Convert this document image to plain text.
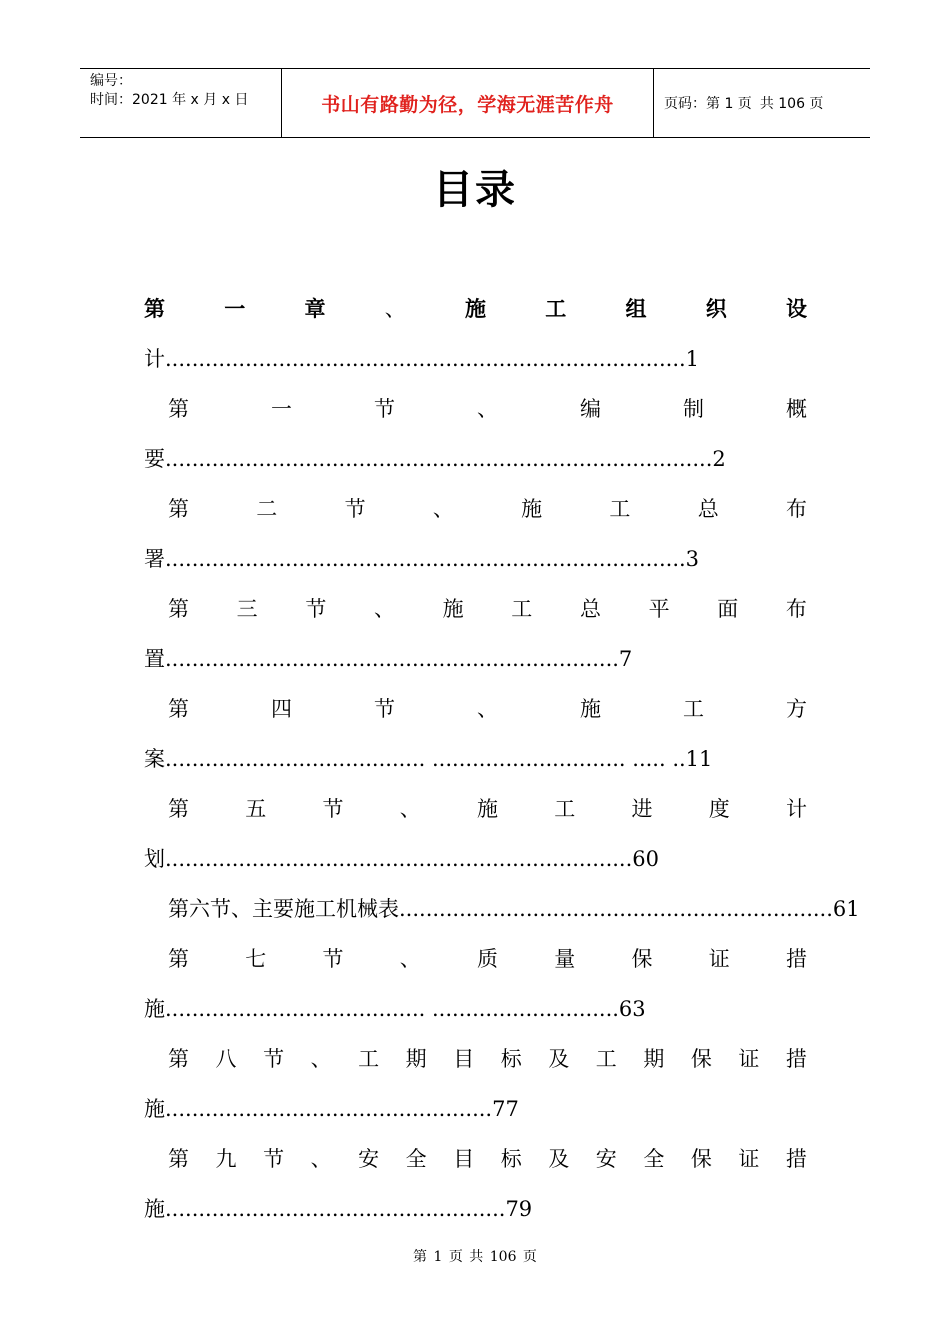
编号：
时间：2021 年 x 月 x 日	书山有路勤为径，学海无涯苦作舟	页码：第 1 页 共 106 页
目录
第	一	章	、	施	工	组	织	设
计..............................................................................1
第	一	节	、	编	制	概
要..................................................................................2
第	二	节	、	施	工	总	布
署..............................................................................3
第 三 节 、 施 工 总 平 面 布
置....................................................................7
第	四	节	、	施	工	方
案....................................... ............................. ..... ..11
第	五	节	、	施	工	进	度	计
划......................................................................60
第六节、主要施工机械表.................................................................61
第	七	节	、	质	量	保	证	措
施....................................... ............................63
第 八 节 、 工 期 目 标 及 工 期 保 证 措
施.................................................77
第 九 节 、 安 全 目 标 及 安 全 保 证 措
施...................................................79
第 1 页 共 106 页
